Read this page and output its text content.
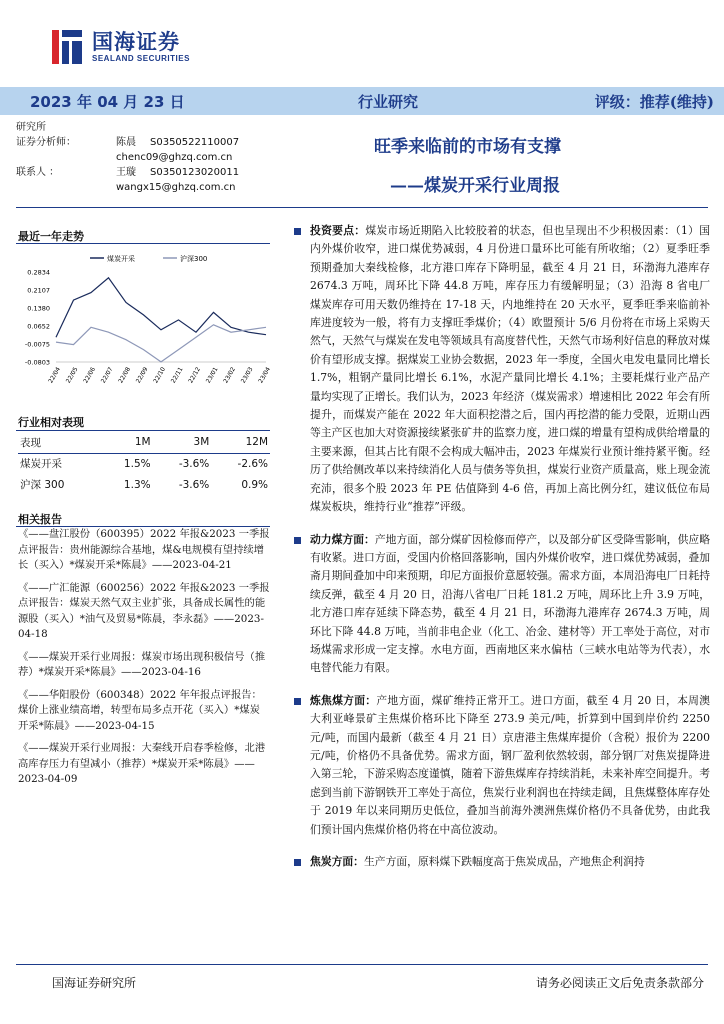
国海证券
SEALAND SECURITIES
2023 年 04 月 23 日	行业研究	评级：推荐(维持)
研究所
证券分析师：	陈晨	S0350522110007
chenc09@ghzq.com.cn
联系人 ：	王璇	S0350123020011
wangx15@ghzq.com.cn
旺季来临前的市场有支撑
——煤炭开采行业周报
最近一年走势
煤炭开采	沪深300
0.2834
0.2107
0.1380
0.0652
-0.0075
-0.0803
22/04 22/05 22/06 22/07 22/08 22/09 22/10 22/11 22/12 23/01 23/02 23/03 23/04
行业相对表现
表现	1M	3M	12M
煤炭开采	1.5%	-3.6%	-2.6%
沪深 300	1.3%	-3.6%	0.9%
相关报告
《——盘江股份（600395）2022 年报&2023 一季报点评报告：贵州能源综合基地，煤&电规模有望持续增长（买入）*煤炭开采*陈晨》——2023-04-21
《——广汇能源（600256）2022 年报&2023 一季报点评报告：煤炭天然气双主业扩张，具备成长属性的能源股（买入）*油气及贸易*陈晨，李永磊》——2023-04-18
《——煤炭开采行业周报：煤炭市场出现积极信号（推荐）*煤炭开采*陈晨》——2023-04-16
《——华阳股份（600348）2022 年年报点评报告：煤价上涨业绩高增，转型布局多点开花（买入）*煤炭开采*陈晨》——2023-04-15
《——煤炭开采行业周报：大秦线开启春季检修，北港高库存压力有望减小（推荐）*煤炭开采*陈晨》——2023-04-09
投资要点：煤炭市场近期陷入比较胶着的状态，但也呈现出不少积极因素：（1）国内外煤价收窄，进口煤优势减弱，4 月份进口量环比可能有所收缩；（2）夏季旺季预期叠加大秦线检修，北方港口库存下降明显，截至 4 月 21 日，环渤海九港库存 2674.3 万吨，周环比下降 44.8 万吨，库存压力有缓解明显；（3）沿海 8 省电厂煤炭库存可用天数仍维持在 17-18 天，内地维持在 20 天水平，夏季旺季来临前补库进度较为一般，将有力支撑旺季煤价；（4）欧盟预计 5/6 月份将在市场上采购天然气，天然气与煤炭在发电等领域具有高度替代性，天然气市场利好信息的释放对煤价有望形成支撑。据煤炭工业协会数据，2023 年一季度，全国火电发电量同比增长 1.7%，粗钢产量同比增长 6.1%，水泥产量同比增长 4.1%；主要耗煤行业产品产量均实现了正增长。我们认为，2023 年经济（煤炭需求）增速相比 2022 年会有所提升，而煤炭产能在 2022 年大面积挖潜之后，国内再挖潜的能力受限，近期山西等主产区也加大对资源接续紧张矿井的监察力度，进口煤的增量有望构成供给增量的主要来源，但其占比有限不会构成大幅冲击，2023 年煤炭行业预计维持紧平衡。经历了供给侧改革以来持续消化人员与债务等负担，煤炭行业资产质量高，账上现金流充沛，很多个股 2023 年 PE 估值降到 4-6 倍，再加上高比例分红，建议低位布局煤炭板块，维持行业“推荐”评级。
动力煤方面：产地方面，部分煤矿因检修而停产，以及部分矿区受降雪影响，供应略有收紧。进口方面，受国内价格回落影响，国内外煤价收窄，进口煤优势减弱，叠加斋月期间叠加中印来预期，印尼方面报价意愿较强。需求方面，本周沿海电厂日耗持续反弹，截至 4 月 20 日，沿海八省电厂日耗 181.2 万吨，周环比上升 3.9 万吨，北方港口库存延续下降态势，截至 4 月 21 日，环渤海九港库存 2674.3 万吨，周环比下降 44.8 万吨，当前非电企业（化工、冶金、建材等）开工率处于高位，对市场煤需求形成一定支撑。水电方面，西南地区来水偏枯（三峡水电站等为代表），水电替代能力有限。
炼焦煤方面：产地方面，煤矿维持正常开工。进口方面，截至 4 月 20 日，本周澳大利亚峰景矿主焦煤价格环比下降至 273.9 美元/吨，折算到中国到岸价约 2250 元/吨，而国内最新（截至 4 月 21 日）京唐港主焦煤库提价（含税）报价为 2200 元/吨，价格仍不具备优势。需求方面，钢厂盈利依然较弱，部分钢厂对焦炭提降进入第三轮，下游采购态度谨慎，随着下游焦煤库存持续消耗，未来补库空间提升。考虑到当前下游钢铁开工率处于高位，焦炭行业利润也在持续走阔，且焦煤整体库存处于 2019 年以来同期历史低位，叠加当前海外澳洲焦煤价格仍不具备优势，由此我们预计国内焦煤价格仍将在中高位波动。
焦炭方面：生产方面，原料煤下跌幅度高于焦炭成品，产地焦企利润持
国海证券研究所	请务必阅读正文后免责条款部分
